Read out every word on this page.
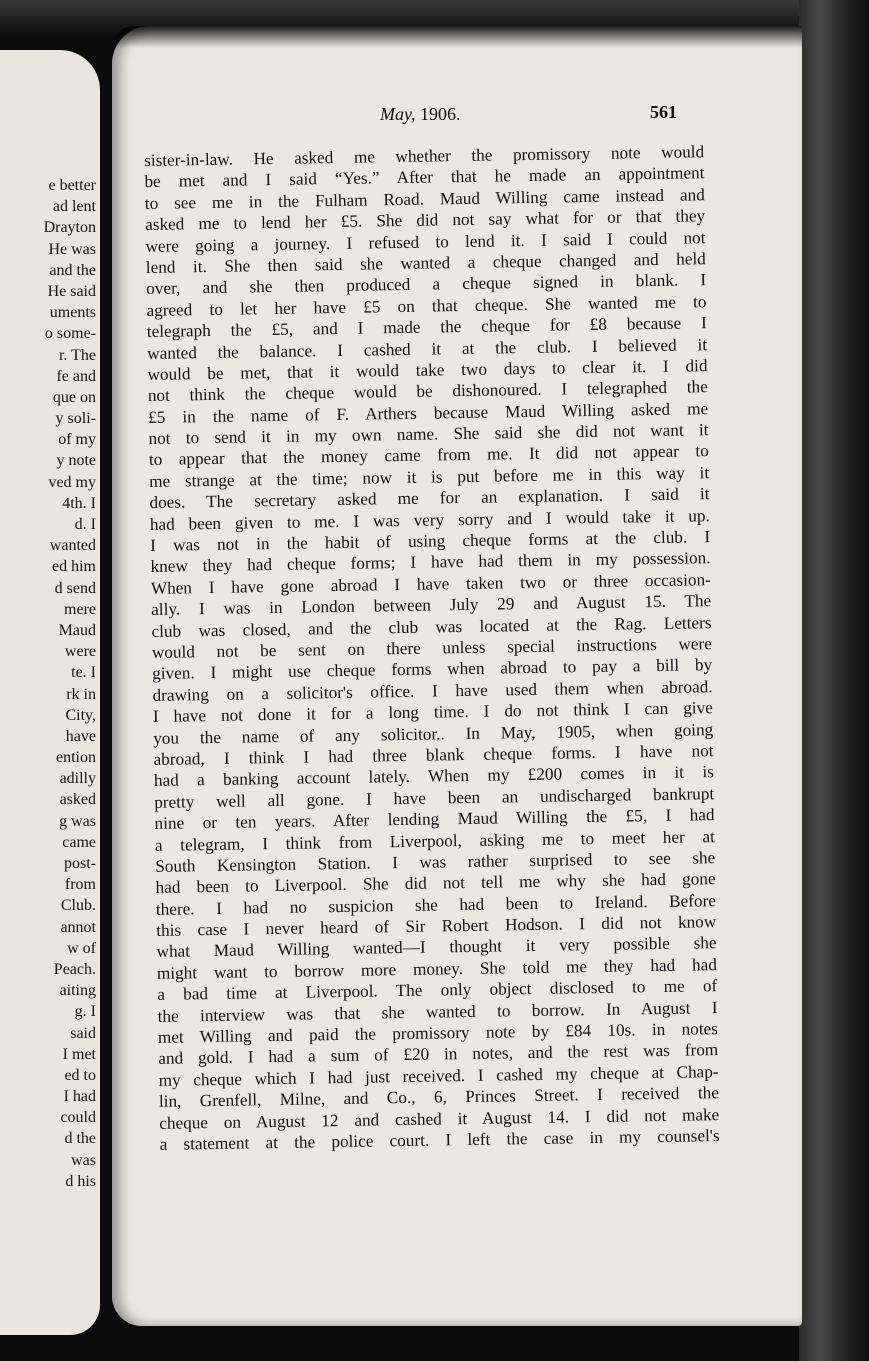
e better
ad lent
Drayton
He was
and the
He said
uments
o some-
r. The
fe and
que on
y soli-
of my
y note
ved my
4th. I
d. I
wanted
ed him
d send
mere
Maud
were
te. I
rk in
City,
have
ention
adilly
asked
g was
came
post-
from
Club.
annot
w of
Peach.
aiting
g. I
said
I met
ed to
I had
could
d the
was
d his
May, 1906.	561
sister-in-law. He asked me whether the promissory note would
be met and I said “Yes.” After that he made an appointment
to see me in the Fulham Road. Maud Willing came instead and
asked me to lend her £5. She did not say what for or that they
were going a journey. I refused to lend it. I said I could not
lend it. She then said she wanted a cheque changed and held
over, and she then produced a cheque signed in blank. I
agreed to let her have £5 on that cheque. She wanted me to
telegraph the £5, and I made the cheque for £8 because I
wanted the balance. I cashed it at the club. I believed it
would be met, that it would take two days to clear it. I did
not think the cheque would be dishonoured. I telegraphed the
£5 in the name of F. Arthers because Maud Willing asked me
not to send it in my own name. She said she did not want it
to appear that the money came from me. It did not appear to
me strange at the time; now it is put before me in this way it
does. The secretary asked me for an explanation. I said it
had been given to me. I was very sorry and I would take it up.
I was not in the habit of using cheque forms at the club. I
knew they had cheque forms; I have had them in my possession.
When I have gone abroad I have taken two or three occasion-
ally. I was in London between July 29 and August 15. The
club was closed, and the club was located at the Rag. Letters
would not be sent on there unless special instructions were
given. I might use cheque forms when abroad to pay a bill by
drawing on a solicitor's office. I have used them when abroad.
I have not done it for a long time. I do not think I can give
you the name of any solicitor.. In May, 1905, when going
abroad, I think I had three blank cheque forms. I have not
had a banking account lately. When my £200 comes in it is
pretty well all gone. I have been an undischarged bankrupt
nine or ten years. After lending Maud Willing the £5, I had
a telegram, I think from Liverpool, asking me to meet her at
South Kensington Station. I was rather surprised to see she
had been to Liverpool. She did not tell me why she had gone
there. I had no suspicion she had been to Ireland. Before
this case I never heard of Sir Robert Hodson. I did not know
what Maud Willing wanted—I thought it very possible she
might want to borrow more money. She told me they had had
a bad time at Liverpool. The only object disclosed to me of
the interview was that she wanted to borrow. In August I
met Willing and paid the promissory note by £84 10s. in notes
and gold. I had a sum of £20 in notes, and the rest was from
my cheque which I had just received. I cashed my cheque at Chap-
lin, Grenfell, Milne, and Co., 6, Princes Street. I received the
cheque on August 12 and cashed it August 14. I did not make
a statement at the police court. I left the case in my counsel's
